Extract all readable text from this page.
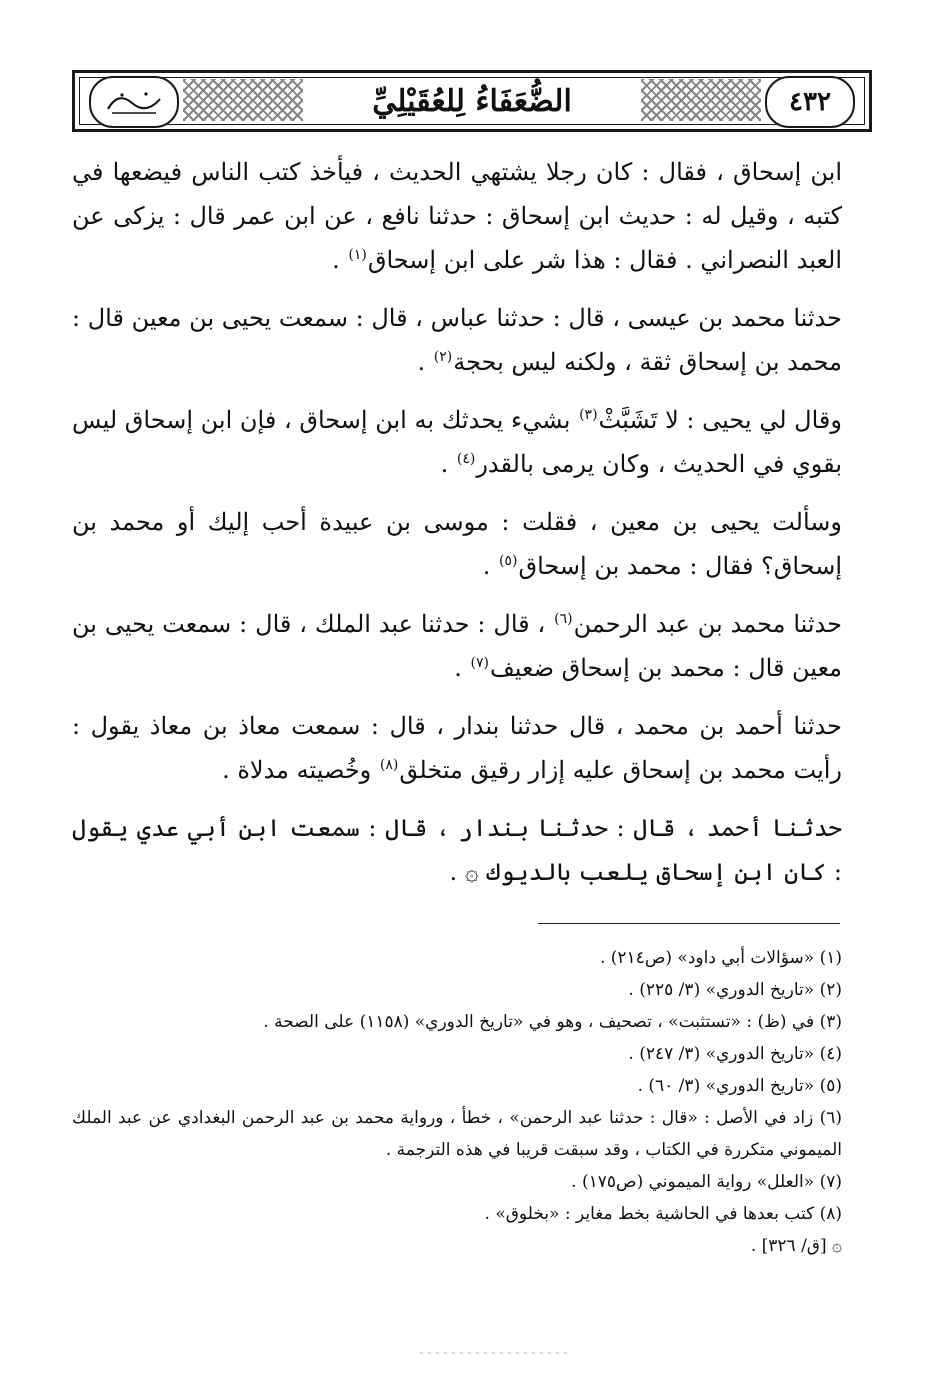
٤٣٢
الضُّعَفَاءُ لِلعُقَيْلِيِّ

ابن إسحاق ، فقال : كان رجلا يشتهي الحديث ، فيأخذ كتب الناس فيضعها في كتبه ، وقيل له : حديث ابن إسحاق : حدثنا نافع ، عن ابن عمر قال : يزكى عن العبد النصراني . فقال : هذا شر على ابن إسحاق$^{(١)}$ .

حدثنا محمد بن عيسى ، قال : حدثنا عباس ، قال : سمعت يحيى بن معين قال : محمد بن إسحاق ثقة ، ولكنه ليس بحجة$^{(٢)}$ .

وقال لي يحيى : لا تَشَبَّثْ$^{(٣)}$ بشيء يحدثك به ابن إسحاق ، فإن ابن إسحاق ليس بقوي في الحديث ، وكان يرمى بالقدر$^{(٤)}$ .

وسألت يحيى بن معين ، فقلت : موسى بن عبيدة أحب إليك أو محمد بن إسحاق؟ فقال : محمد بن إسحاق$^{(٥)}$ .

حدثنا محمد بن عبد الرحمن$^{(٦)}$ ، قال : حدثنا عبد الملك ، قال : سمعت يحيى بن معين قال : محمد بن إسحاق ضعيف$^{(٧)}$ .

حدثنا أحمد بن محمد ، قال حدثنا بندار ، قال : سمعت معاذ بن معاذ يقول : رأيت محمد بن إسحاق عليه إزار رقيق متخلق$^{(٨)}$ وخُصيته مدلاة .

حدثنا أحمد ، قال : حدثنا بندار ، قال : سمعت ابن أبي عدي يقول : كان ابن إسحاق يلعب بالديوك ۞ .

(١) «سؤالات أبي داود» (ص٢١٤) .

(٢) «تاريخ الدوري» (٣/ ٢٢٥) .

(٣) في (ظ) : «تستثبت» ، تصحيف ، وهو في «تاريخ الدوري» (١١٥٨) على الصحة .

(٤) «تاريخ الدوري» (٣/ ٢٤٧) .

(٥) «تاريخ الدوري» (٣/ ٦٠) .

(٦) زاد في الأصل : «قال : حدثنا عبد الرحمن» ، خطأ ، ورواية محمد بن عبد الرحمن البغدادي عن عبد الملك الميموني متكررة في الكتاب ، وقد سبقت قريبا في هذه الترجمة .

(٧) «العلل» رواية الميموني (ص١٧٥) .

(٨) كتب بعدها في الحاشية بخط مغاير : «بخلوق» .

۞ [ق/ ٣٢٦] .
